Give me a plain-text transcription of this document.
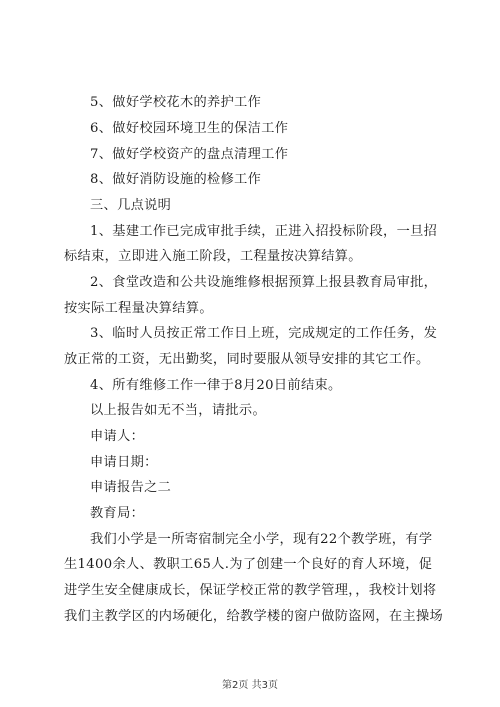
5、做好学校花木的养护工作
6、做好校园环境卫生的保洁工作
7、做好学校资产的盘点清理工作
8、做好消防设施的检修工作
三、几点说明
1、基建工作已完成审批手续，正进入招投标阶段，一旦招
标结束，立即进入施工阶段，工程量按决算结算。
2、食堂改造和公共设施维修根据预算上报县教育局审批，
按实际工程量决算结算。
3、临时人员按正常工作日上班，完成规定的工作任务，发
放正常的工资，无出勤奖，同时要服从领导安排的其它工作。
4、所有维修工作一律于8月20日前结束。
以上报告如无不当，请批示。
申请人：
申请日期：
申请报告之二
教育局：
我们小学是一所寄宿制完全小学，现有22个教学班，有学
生1400余人、教职工65人.为了创建一个良好的育人环境，促
进学生安全健康成长，保证学校正常的教学管理，，我校计划将
我们主教学区的内场硬化，给教学楼的窗户做防盗网，在主操场
第2页 共3页
